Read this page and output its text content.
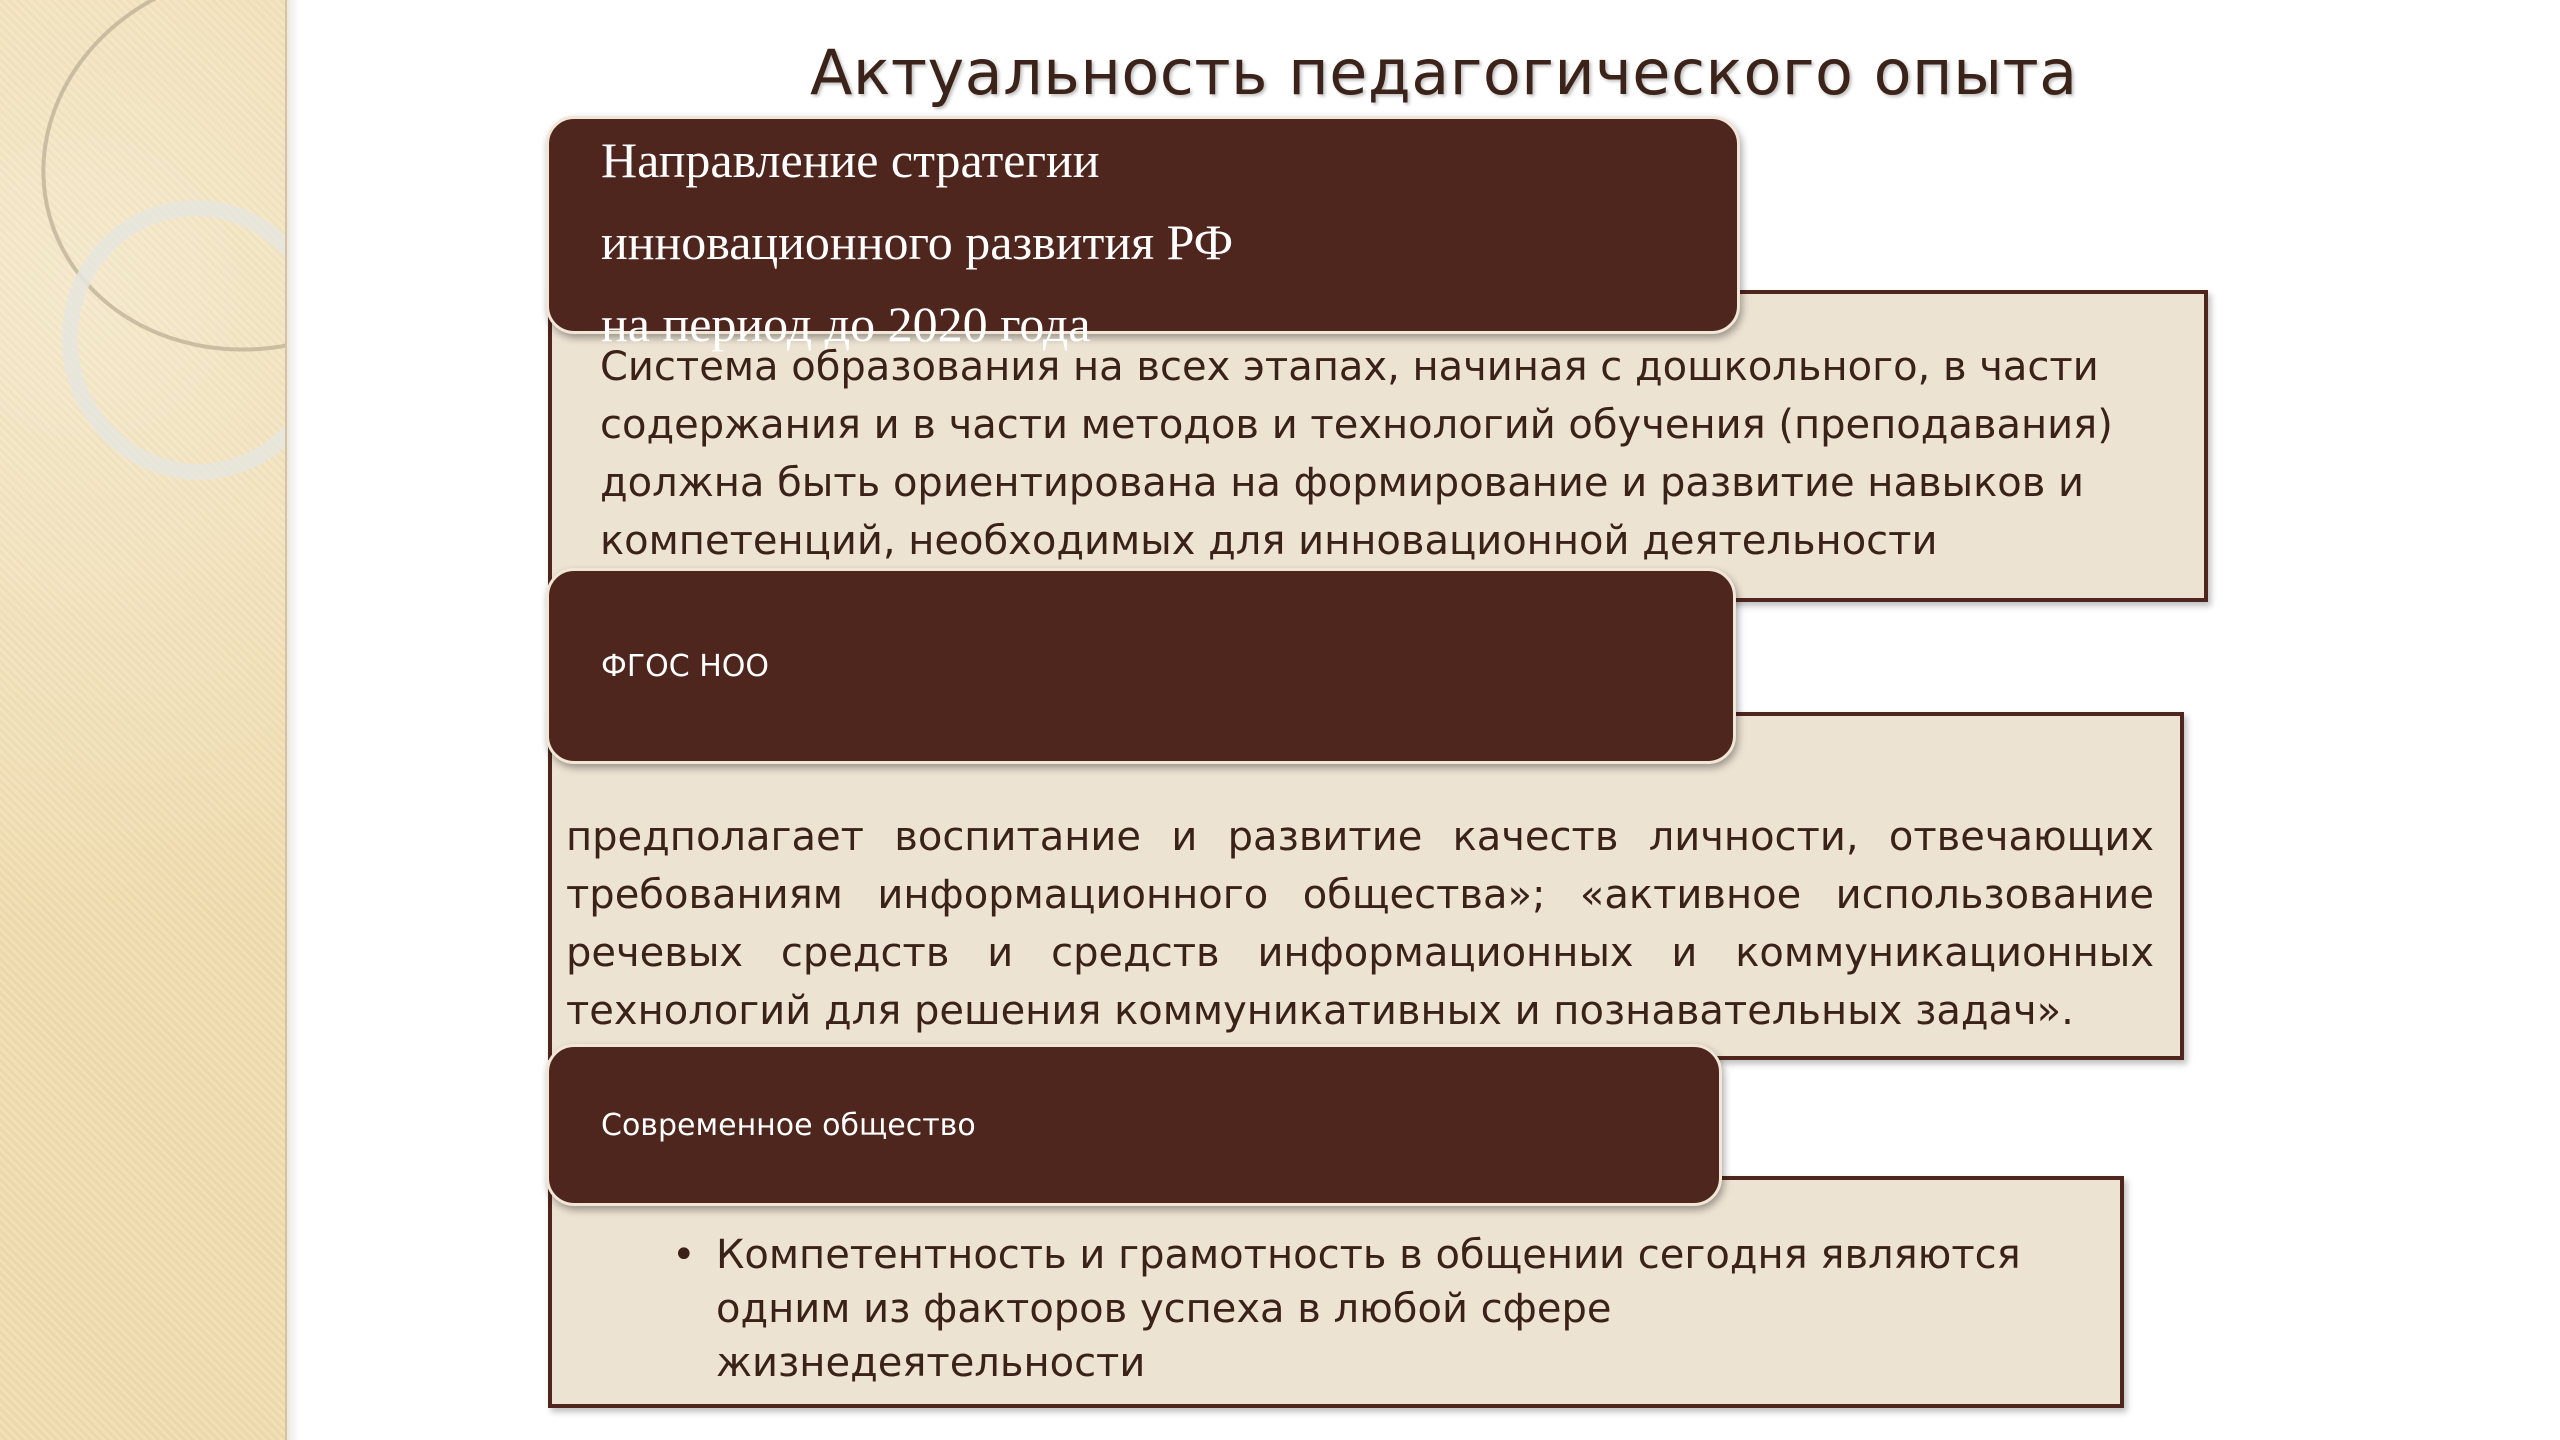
Актуальность педагогического опыта
Направление стратегии
инновационного развития РФ
на период до 2020 года

Система образования на всех этапах, начиная с дошкольного, в части
содержания и в части методов и технологий обучения (преподавания)
должна быть ориентирована на формирование и развитие навыков и
компетенций, необходимых для инновационной деятельности

ФГОС НОО

предполагает воспитание и развитие качеств личности, отвечающих
требованиям информационного общества»; «активное использование
речевых средств и средств информационных и коммуникационных
технологий для решения коммуникативных и познавательных задач».

Современное общество
• Компетентность и грамотность в общении сегодня являются
одним из факторов успеха в любой сфере
жизнедеятельности
